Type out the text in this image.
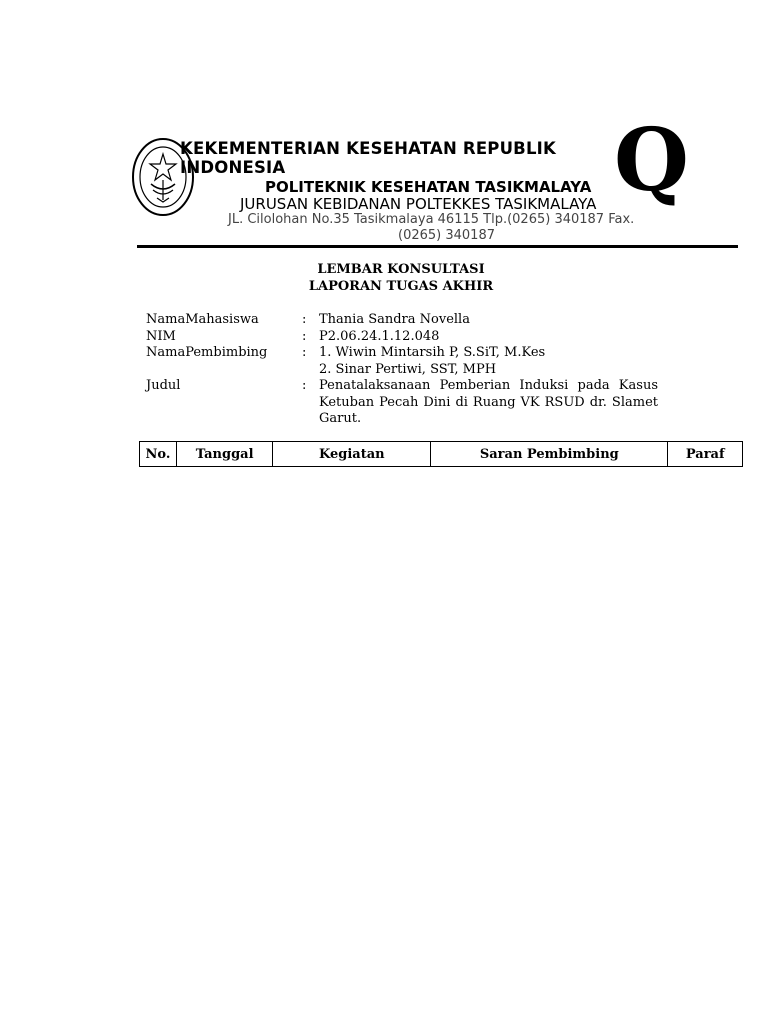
Q
KEKEMENTERIAN KESEHATAN REPUBLIK
INDONESIA
POLITEKNIK KESEHATAN TASIKMALAYA
JURUSAN KEBIDANAN POLTEKKES TASIKMALAYA
JL. Cilolohan No.35 Tasikmalaya 46115 Tlp.(0265) 340187 Fax.
(0265) 340187
LEMBAR KONSULTASI
LAPORAN TUGAS AKHIR
NamaMahasiswa	: Thania Sandra Novella
NIM	: P2.06.24.1.12.048
NamaPembimbing	: 1. Wiwin Mintarsih P, S.SiT, M.Kes
2. Sinar Pertiwi, SST, MPH
Judul	: Penatalaksanaan Pemberian Induksi pada Kasus
Ketuban Pecah Dini di Ruang VK RSUD dr. Slamet
Garut.
No.	Tanggal	Kegiatan	Saran Pembimbing	Paraf
